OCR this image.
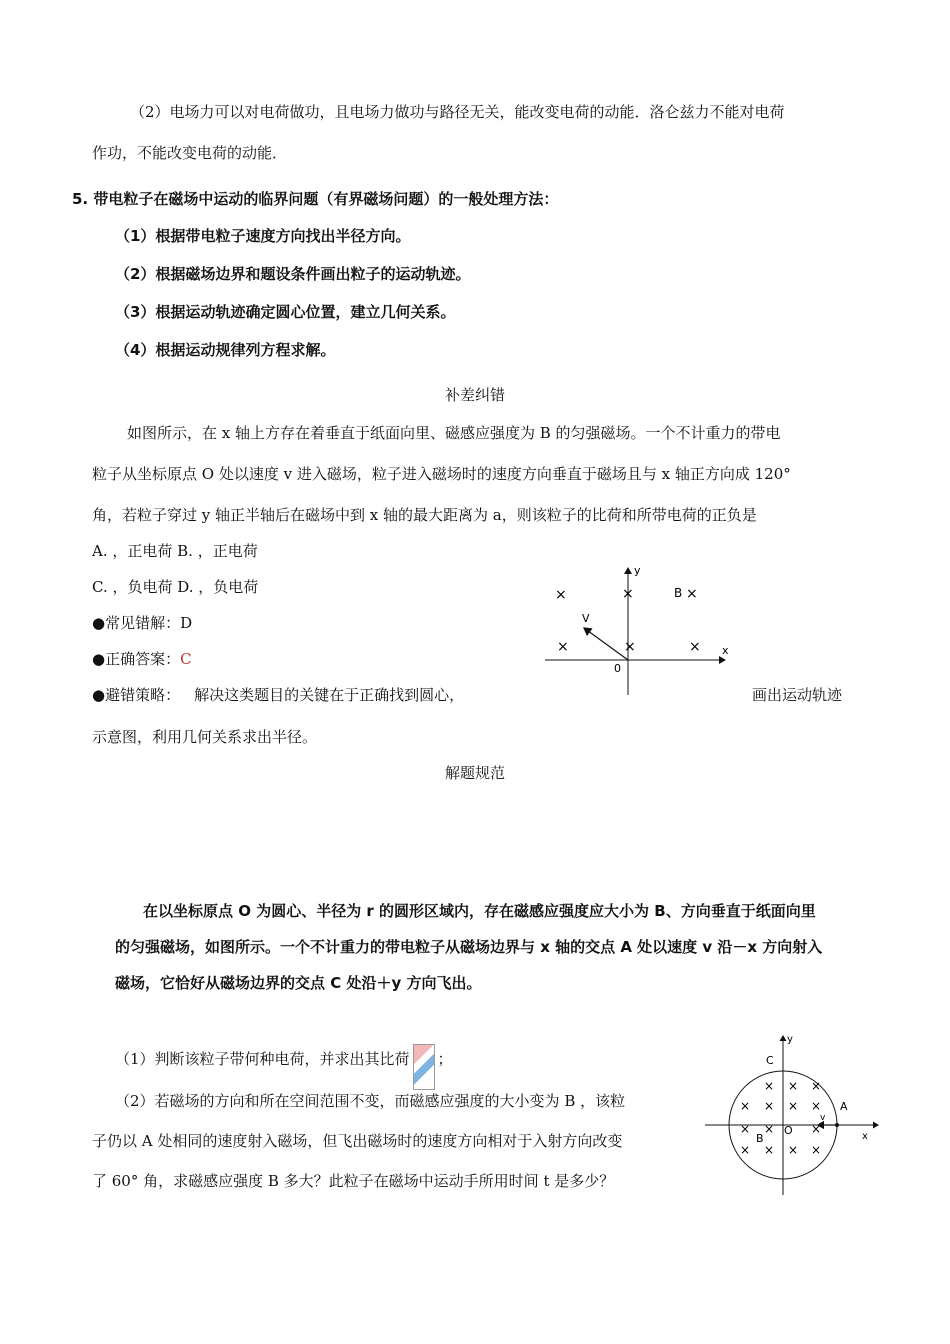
（2）电场力可以对电荷做功，且电场力做功与路径无关，能改变电荷的动能．洛仑兹力不能对电荷
作功，不能改变电荷的动能．
5. 带电粒子在磁场中运动的临界问题（有界磁场问题）的一般处理方法：
（1）根据带电粒子速度方向找出半径方向。
（2）根据磁场边界和题设条件画出粒子的运动轨迹。
（3）根据运动轨迹确定圆心位置，建立几何关系。
（4）根据运动规律列方程求解。
补差纠错
如图所示，在 x 轴上方存在着垂直于纸面向里、磁感应强度为 B 的匀强磁场。一个不计重力的带电
粒子从坐标原点 O 处以速度 v 进入磁场，粒子进入磁场时的速度方向垂直于磁场且与 x 轴正方向成 120°
角，若粒子穿过 y 轴正半轴后在磁场中到 x 轴的最大距离为 a，则该粒子的比荷和所带电荷的正负是
A. ，正电荷 B. ，正电荷
C. ，负电荷 D. ，负电荷
●常见错解：D
●正确答案：C
●避错策略： 解决这类题目的关键在于正确找到圆心，	画出运动轨迹
示意图，利用几何关系求出半径。
y
x
0
V
B
×	×	×
×	×	×
解题规范
在以坐标原点 O 为圆心、半径为 r 的圆形区域内，存在磁感应强度应大小为 B、方向垂直于纸面向里
的匀强磁场，如图所示。一个不计重力的带电粒子从磁场边界与 x 轴的交点 A 处以速度 v 沿－x 方向射入
磁场，它恰好从磁场边界的交点 C 处沿＋y 方向飞出。
（1）判断该粒子带何种电荷，并求出其比荷 ；
（2）若磁场的方向和所在空间范围不变，而磁感应强度的大小变为 B ，该粒
子仍以 A 处相同的速度射入磁场，但飞出磁场时的速度方向相对于入射方向改变
了 60° 角，求磁感应强度 B 多大？此粒子在磁场中运动手所用时间 t 是多少？
y
x
C
A
B
O
v
× × ×
× × × ×
× ×	×
× × × ×
